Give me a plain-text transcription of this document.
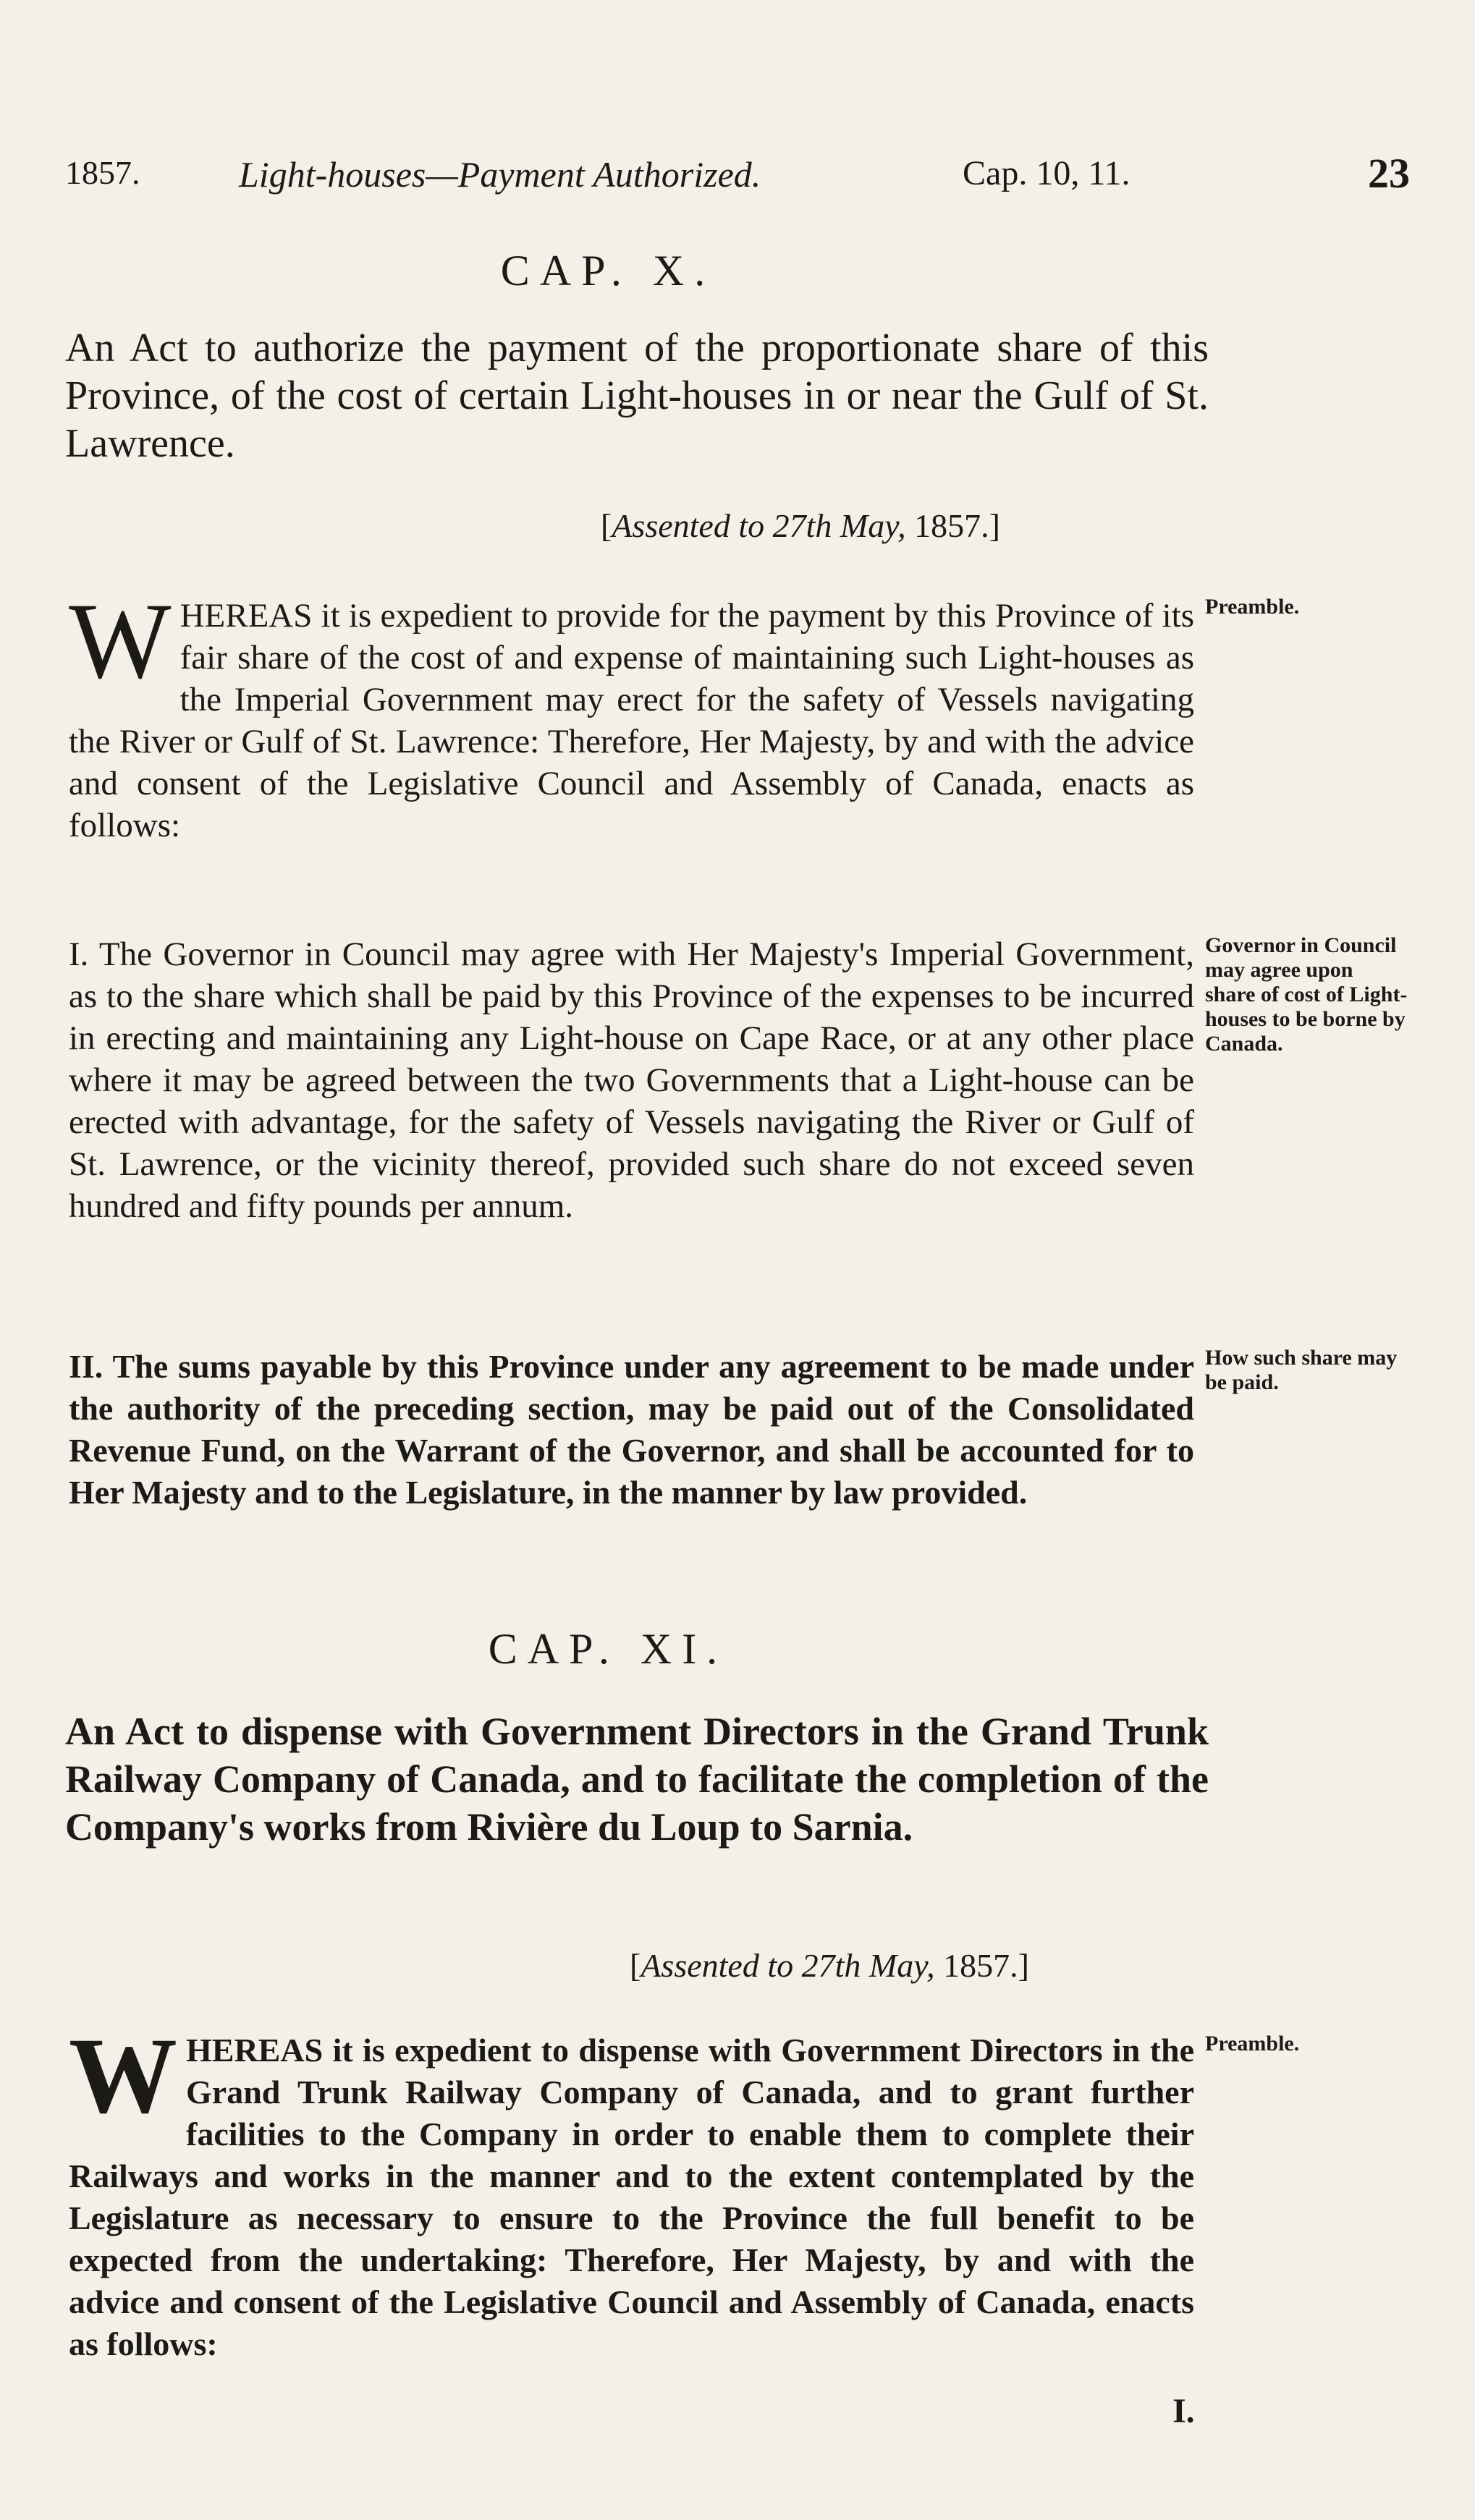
1857.	Light-houses—Payment Authorized.	Cap. 10, 11.	23
CAP. X.
An Act to authorize the payment of the proportionate share of this Province, of the cost of certain Light-houses in or near the Gulf of St. Lawrence.
[Assented to 27th May, 1857.]
WHEREAS it is expedient to provide for the payment by this Province of its fair share of the cost of and expense of maintaining such Light-houses as the Imperial Government may erect for the safety of Vessels navigating the River or Gulf of St. Lawrence: Therefore, Her Majesty, by and with the advice and consent of the Legislative Council and Assembly of Canada, enacts as follows:
Preamble.
I. The Governor in Council may agree with Her Majesty's Imperial Government, as to the share which shall be paid by this Province of the expenses to be incurred in erecting and maintaining any Light-house on Cape Race, or at any other place where it may be agreed between the two Governments that a Light-house can be erected with advantage, for the safety of Vessels navigating the River or Gulf of St. Lawrence, or the vicinity thereof, provided such share do not exceed seven hundred and fifty pounds per annum.
Governor in Council may agree upon share of cost of Light-houses to be borne by Canada.
II. The sums payable by this Province under any agreement to be made under the authority of the preceding section, may be paid out of the Consolidated Revenue Fund, on the Warrant of the Governor, and shall be accounted for to Her Majesty and to the Legislature, in the manner by law provided.
How such share may be paid.
CAP. XI.
An Act to dispense with Government Directors in the Grand Trunk Railway Company of Canada, and to facilitate the completion of the Company's works from Rivière du Loup to Sarnia.
[Assented to 27th May, 1857.]
WHEREAS it is expedient to dispense with Government Directors in the Grand Trunk Railway Company of Canada, and to grant further facilities to the Company in order to enable them to complete their Railways and works in the manner and to the extent contemplated by the Legislature as necessary to ensure to the Province the full benefit to be expected from the undertaking: Therefore, Her Majesty, by and with the advice and consent of the Legislative Council and Assembly of Canada, enacts as follows:
Preamble.
I.
